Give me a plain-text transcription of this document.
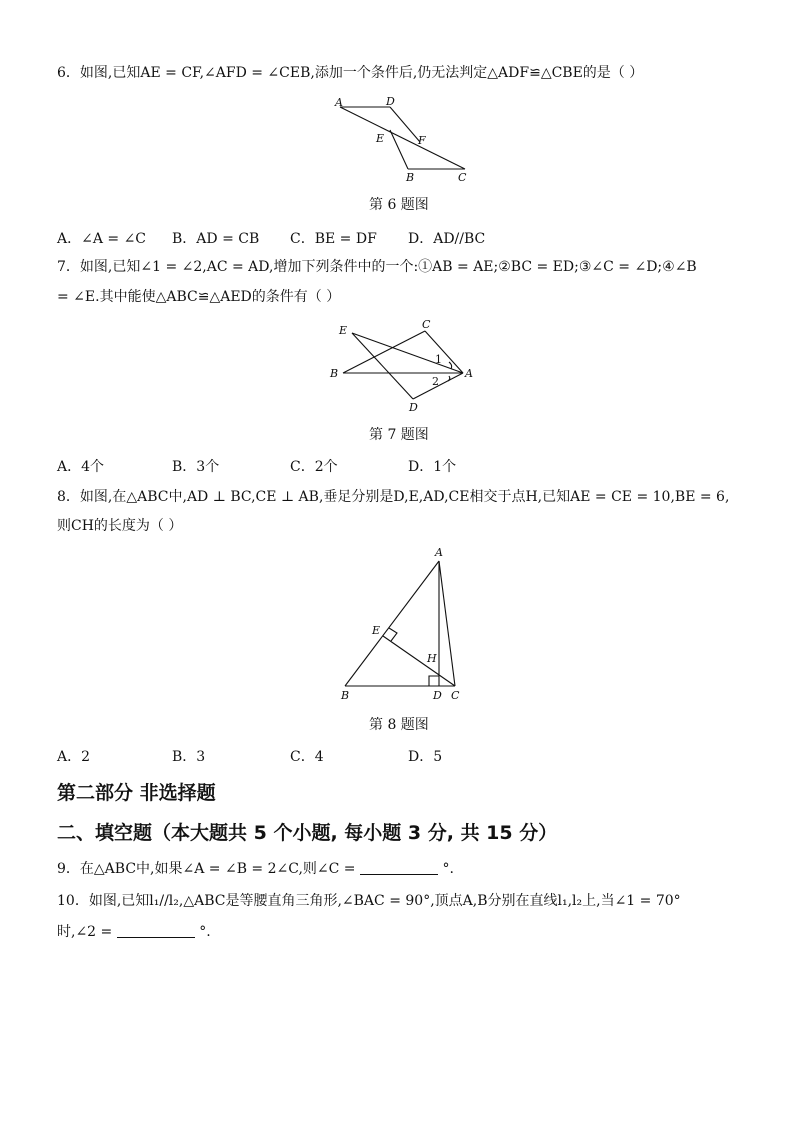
6．如图,已知AE = CF,∠AFD = ∠CEB,添加一个条件后,仍无法判定△ADF≌△CBE的是（ ）
A	D
E	F
B	C
第 6 题图
A．∠A = ∠C B．AD = CB C．BE = DF D．AD//BC
7．如图,已知∠1 = ∠2,AC = AD,增加下列条件中的一个:①AB = AE;②BC = ED;③∠C = ∠D;④∠B
= ∠E.其中能使△ABC≌△AED的条件有（ ）
E	C
B	A
D
1
2
第 7 题图
A．4个	B．3个	C．2个	D．1个
8．如图,在△ABC中,AD ⊥ BC,CE ⊥ AB,垂足分别是D,E,AD,CE相交于点H,已知AE = CE = 10,BE = 6,
则CH的长度为（ ）
A
E
H
B	D C
第 8 题图
A．2	B．3	C．4	D．5
第二部分 非选择题
二、填空题（本大题共 5 个小题, 每小题 3 分, 共 15 分）
9．在△ABC中,如果∠A = ∠B = 2∠C,则∠C =	°.
10．如图,已知l₁//l₂,△ABC是等腰直角三角形,∠BAC = 90°,顶点A,B分别在直线l₁,l₂上,当∠1 = 70°
时,∠2 =	°.
